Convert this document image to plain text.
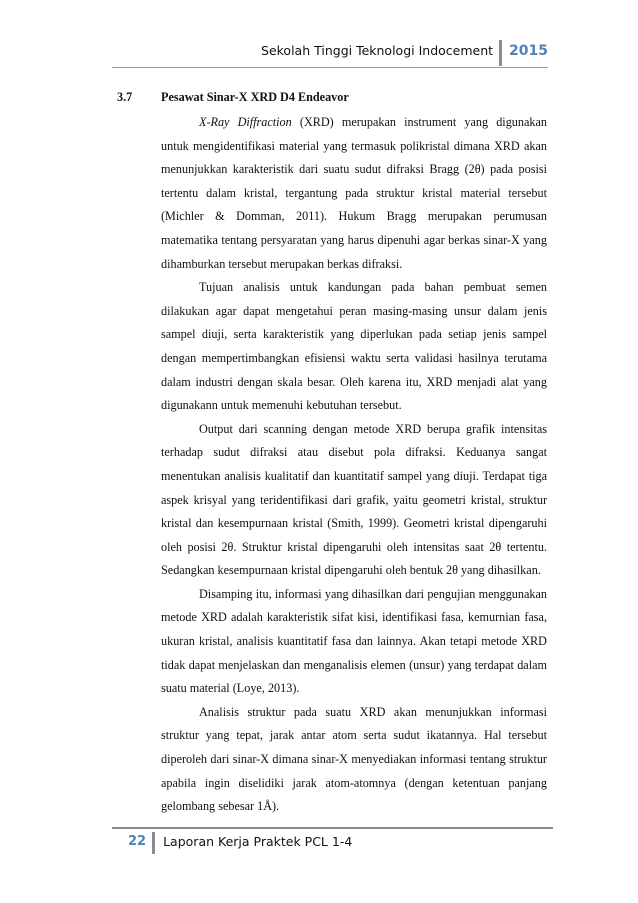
Sekolah Tinggi Teknologi Indocement	2015
3.7	Pesawat Sinar-X XRD D4 Endeavor

X-Ray Diffraction (XRD) merupakan instrument yang digunakan untuk mengidentifikasi material yang termasuk polikristal dimana XRD akan menunjukkan karakteristik dari suatu sudut difraksi Bragg (2θ) pada posisi tertentu dalam kristal, tergantung pada struktur kristal material tersebut (Michler & Domman, 2011). Hukum Bragg merupakan perumusan matematika tentang persyaratan yang harus dipenuhi agar berkas sinar-X yang dihamburkan tersebut merupakan berkas difraksi.

Tujuan analisis untuk kandungan pada bahan pembuat semen dilakukan agar dapat mengetahui peran masing-masing unsur dalam jenis sampel diuji, serta karakteristik yang diperlukan pada setiap jenis sampel dengan mempertimbangkan efisiensi waktu serta validasi hasilnya terutama dalam industri dengan skala besar. Oleh karena itu, XRD menjadi alat yang digunakann untuk memenuhi kebutuhan tersebut.

Output dari scanning dengan metode XRD berupa grafik intensitas terhadap sudut difraksi atau disebut pola difraksi. Keduanya sangat menentukan analisis kualitatif dan kuantitatif sampel yang diuji. Terdapat tiga aspek krisyal yang teridentifikasi dari grafik, yaitu geometri kristal, struktur kristal dan kesempurnaan kristal (Smith, 1999). Geometri kristal dipengaruhi oleh posisi 2θ. Struktur kristal dipengaruhi oleh intensitas saat 2θ tertentu. Sedangkan kesempurnaan kristal dipengaruhi oleh bentuk 2θ yang dihasilkan.

Disamping itu, informasi yang dihasilkan dari pengujian menggunakan metode XRD adalah karakteristik sifat kisi, identifikasi fasa, kemurnian fasa, ukuran kristal, analisis kuantitatif fasa dan lainnya. Akan tetapi metode XRD tidak dapat menjelaskan dan menganalisis elemen (unsur) yang terdapat dalam suatu material (Loye, 2013).

Analisis struktur pada suatu XRD akan menunjukkan informasi struktur yang tepat, jarak antar atom serta sudut ikatannya. Hal tersebut diperoleh dari sinar-X dimana sinar-X menyediakan informasi tentang struktur apabila ingin diselidiki jarak atom-atomnya (dengan ketentuan panjang gelombang sebesar 1Å).

22	Laporan Kerja Praktek PCL 1-4
